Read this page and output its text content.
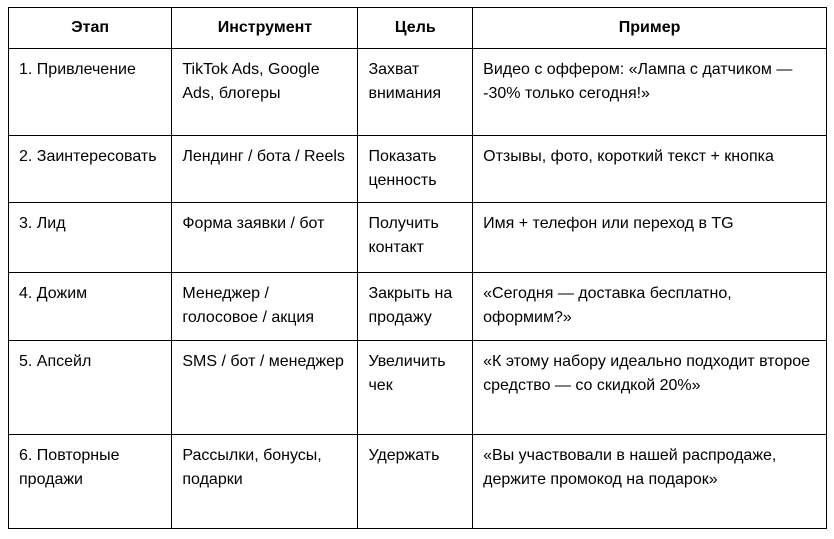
Этап	Инструмент	Цель	Пример
1. Привлечение	TikTok Ads, Google Ads, блогеры	Захват внимания	Видео с оффером: «Лампа с датчиком — -30% только сегодня!»
2. Заинтересовать	Лендинг / бота / Reels	Показать ценность	Отзывы, фото, короткий текст + кнопка
3. Лид	Форма заявки / бот	Получить контакт	Имя + телефон или переход в TG
4. Дожим	Менеджер / голосовое / акция	Закрыть на продажу	«Сегодня — доставка бесплатно, оформим?»
5. Апсейл	SMS / бот / менеджер	Увеличить чек	«К этому набору идеально подходит второе средство — со скидкой 20%»
6. Повторные продажи	Рассылки, бонусы, подарки	Удержать	«Вы участвовали в нашей распродаже, держите промокод на подарок»
